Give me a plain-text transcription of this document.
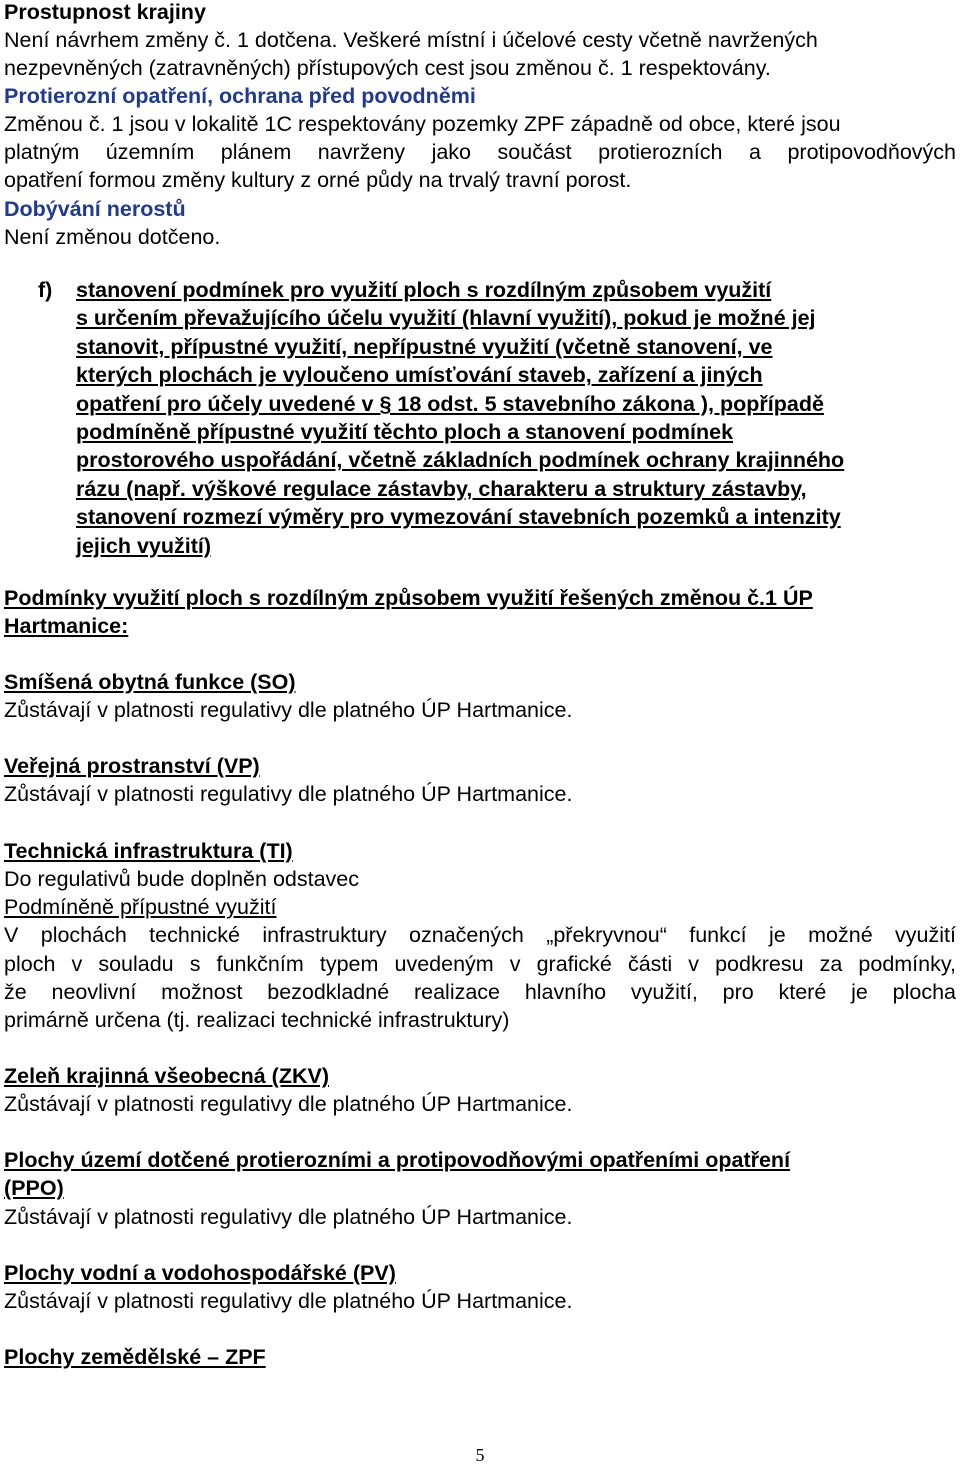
Prostupnost krajiny
Není návrhem změny č. 1 dotčena. Veškeré místní i účelové cesty včetně navržených
nezpevněných (zatravněných) přístupových cest jsou změnou č. 1 respektovány.
Protierozní opatření, ochrana před povodněmi
Změnou č. 1 jsou v lokalitě 1C respektovány pozemky ZPF západně od obce, které jsou
platným územním plánem navrženy jako součást protierozních a protipovodňových
opatření formou změny kultury z orné půdy na trvalý travní porost.
Dobývání nerostů
Není změnou dotčeno.
f) stanovení podmínek pro využití ploch s rozdílným způsobem využití
s určením převažujícího účelu využití (hlavní využití), pokud je možné jej
stanovit, přípustné využití, nepřípustné využití (včetně stanovení, ve
kterých plochách je vyloučeno umísťování staveb, zařízení a jiných
opatření pro účely uvedené v § 18 odst. 5 stavebního zákona ), popřípadě
podmíněně přípustné využití těchto ploch a stanovení podmínek
prostorového uspořádání, včetně základních podmínek ochrany krajinného
rázu (např. výškové regulace zástavby, charakteru a struktury zástavby,
stanovení rozmezí výměry pro vymezování stavebních pozemků a intenzity
jejich využití)
Podmínky využití ploch s rozdílným způsobem využití řešených změnou č.1 ÚP
Hartmanice:
Smíšená obytná funkce (SO)
Zůstávají v platnosti regulativy dle platného ÚP Hartmanice.
Veřejná prostranství (VP)
Zůstávají v platnosti regulativy dle platného ÚP Hartmanice.
Technická infrastruktura (TI)
Do regulativů bude doplněn odstavec
Podmíněně přípustné využití
V plochách technické infrastruktury označených „překryvnou“ funkcí je možné využití
ploch v souladu s funkčním typem uvedeným v grafické části v podkresu za podmínky,
že neovlivní možnost bezodkladné realizace hlavního využití, pro které je plocha
primárně určena (tj. realizaci technické infrastruktury)
Zeleň krajinná všeobecná (ZKV)
Zůstávají v platnosti regulativy dle platného ÚP Hartmanice.
Plochy území dotčené protierozními a protipovodňovými opatřeními opatření
(PPO)
Zůstávají v platnosti regulativy dle platného ÚP Hartmanice.
Plochy vodní a vodohospodářské (PV)
Zůstávají v platnosti regulativy dle platného ÚP Hartmanice.
Plochy zemědělské – ZPF
5
